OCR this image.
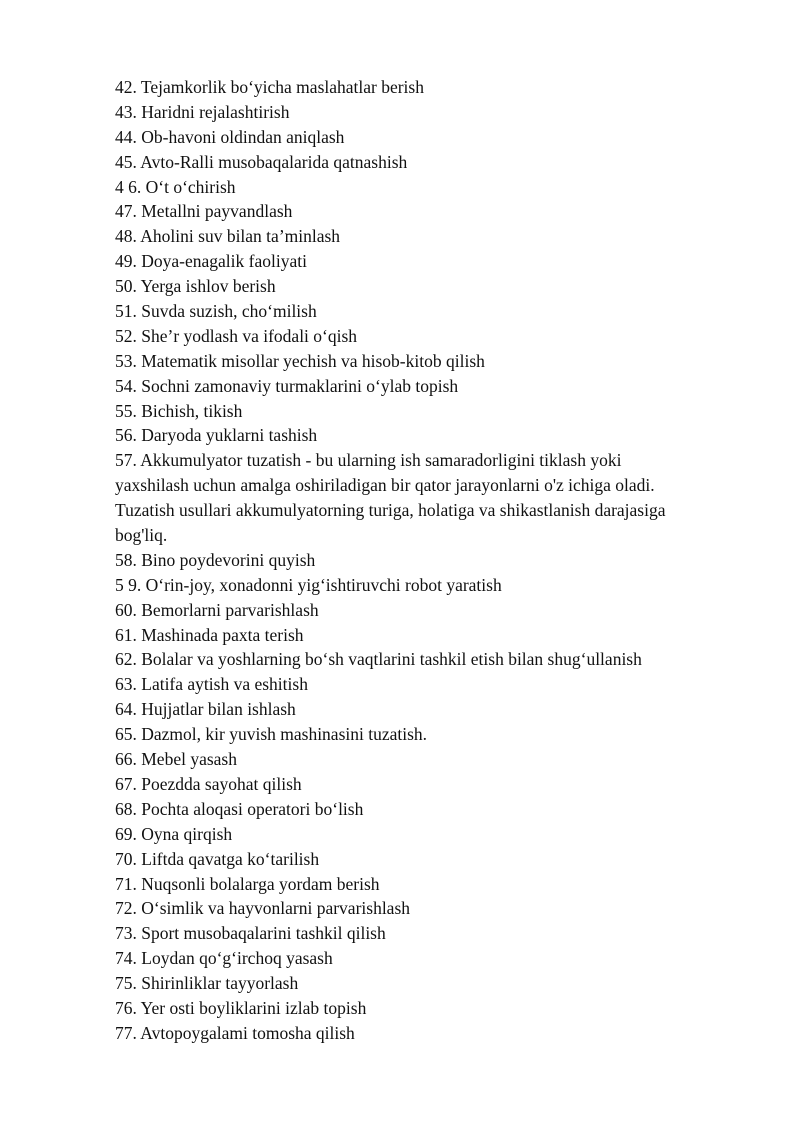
42. Tejamkorlik boʻyicha maslahatlar berish
43. Haridni rejalashtirish
44. Ob-havoni oldindan aniqlash
45. Avto-Ralli musobaqalarida qatnashish
4 6. Oʻt oʻchirish
47. Metallni payvandlash
48. Aholini suv bilan taʼminlash
49. Doya-enagalik faoliyati
50. Yerga ishlov berish
51. Suvda suzish, choʻmilish
52. Sheʼr yodlash va ifodali oʻqish
53. Matematik misollar yechish va hisob-kitob qilish
54. Sochni zamonaviy turmaklarini oʻylab topish
55. Bichish, tikish
56. Daryoda yuklarni tashish
57. Akkumulyator tuzatish - bu ularning ish samaradorligini tiklash yoki
yaxshilash uchun amalga oshiriladigan bir qator jarayonlarni o'z ichiga oladi.
Tuzatish usullari akkumulyatorning turiga, holatiga va shikastlanish darajasiga
bog'liq.
58. Bino poydevorini quyish
5 9. Oʻrin-joy, xonadonni yigʻishtiruvchi robot yaratish
60. Bemorlarni parvarishlash
61. Mashinada paxta terish
62. Bolalar va yoshlarning boʻsh vaqtlarini tashkil etish bilan shugʻullanish
63. Latifa aytish va eshitish
64. Hujjatlar bilan ishlash
65. Dazmol, kir yuvish mashinasini tuzatish.
66. Mebel yasash
67. Poezdda sayohat qilish
68. Pochta aloqasi operatori boʻlish
69. Oyna qirqish
70. Liftda qavatga koʻtarilish
71. Nuqsonli bolalarga yordam berish
72. Oʻsimlik va hayvonlarni parvarishlash
73. Sport musobaqalarini tashkil qilish
74. Loydan qoʻgʻirchoq yasash
75. Shirinliklar tayyorlash
76. Yer osti boyliklarini izlab topish
77. Avtopoygalami tomosha qilish
